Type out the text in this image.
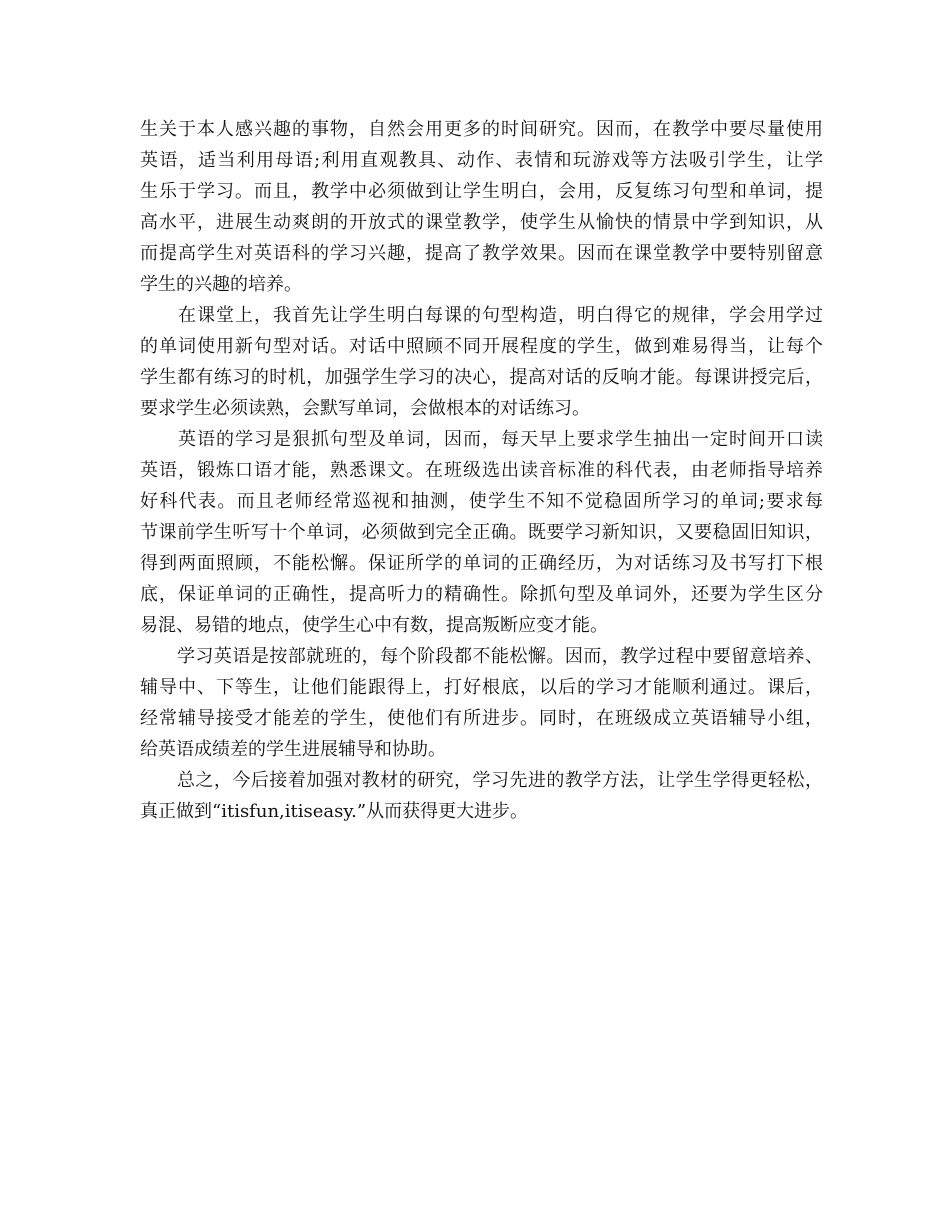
生关于本人感兴趣的事物，自然会用更多的时间研究。因而，在教学中要尽量使用
英语，适当利用母语;利用直观教具、动作、表情和玩游戏等方法吸引学生，让学
生乐于学习。而且，教学中必须做到让学生明白，会用，反复练习句型和单词，提
高水平，进展生动爽朗的开放式的课堂教学，使学生从愉快的情景中学到知识，从
而提高学生对英语科的学习兴趣，提高了教学效果。因而在课堂教学中要特别留意
学生的兴趣的培养。
　　在课堂上，我首先让学生明白每课的句型构造，明白得它的规律，学会用学过
的单词使用新句型对话。对话中照顾不同开展程度的学生，做到难易得当，让每个
学生都有练习的时机，加强学生学习的决心，提高对话的反响才能。每课讲授完后，
要求学生必须读熟，会默写单词，会做根本的对话练习。
　　英语的学习是狠抓句型及单词，因而，每天早上要求学生抽出一定时间开口读
英语，锻炼口语才能，熟悉课文。在班级选出读音标准的科代表，由老师指导培养
好科代表。而且老师经常巡视和抽测，使学生不知不觉稳固所学习的单词;要求每
节课前学生听写十个单词，必须做到完全正确。既要学习新知识，又要稳固旧知识，
得到两面照顾，不能松懈。保证所学的单词的正确经历，为对话练习及书写打下根
底，保证单词的正确性，提高听力的精确性。除抓句型及单词外，还要为学生区分
易混、易错的地点，使学生心中有数，提高叛断应变才能。
　　学习英语是按部就班的，每个阶段都不能松懈。因而，教学过程中要留意培养、
辅导中、下等生，让他们能跟得上，打好根底，以后的学习才能顺利通过。课后，
经常辅导接受才能差的学生，使他们有所进步。同时，在班级成立英语辅导小组，
给英语成绩差的学生进展辅导和协助。
　　总之，今后接着加强对教材的研究，学习先进的教学方法，让学生学得更轻松，
真正做到“itisfun,itiseasy.”从而获得更大进步。
